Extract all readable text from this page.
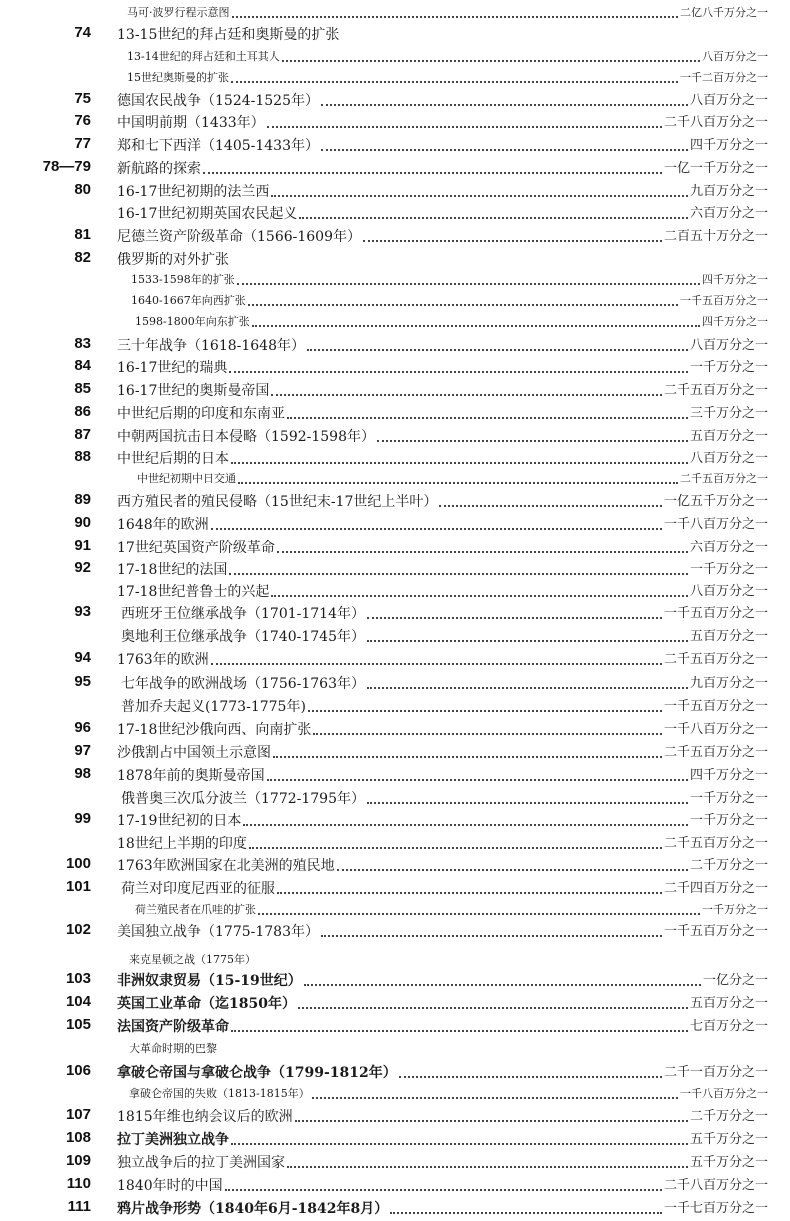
马可·波罗行程示意图	二亿八千万分之一
74 13-15世纪的拜占廷和奥斯曼的扩张
13-14世纪的拜占廷和土耳其人	八百万分之一
15世纪奥斯曼的扩张	一千二百万分之一
75 德国农民战争（1524-1525年）	八百万分之一
76 中国明前期（1433年）	二千八百万分之一
77 郑和七下西洋（1405-1433年）	四千万分之一
78—79 新航路的探索	一亿一千万分之一
80 16-17世纪初期的法兰西	九百万分之一
16-17世纪初期英国农民起义	六百万分之一
81 尼德兰资产阶级革命（1566-1609年）	二百五十万分之一
82 俄罗斯的对外扩张
1533-1598年的扩张	四千万分之一
1640-1667年向西扩张	一千五百万分之一
1598-1800年向东扩张	四千万分之一
83 三十年战争（1618-1648年）	八百万分之一
84 16-17世纪的瑞典	一千万分之一
85 16-17世纪的奥斯曼帝国	二千五百万分之一
86 中世纪后期的印度和东南亚	三千万分之一
87 中朝两国抗击日本侵略（1592-1598年）	五百万分之一
88 中世纪后期的日本	八百万分之一
中世纪初期中日交通	二千五百万分之一
89 西方殖民者的殖民侵略（15世纪末-17世纪上半叶）	一亿五千万分之一
90 1648年的欧洲	一千八百万分之一
91 17世纪英国资产阶级革命	六百万分之一
92 17-18世纪的法国	一千万分之一
17-18世纪普鲁士的兴起	八百万分之一
93 西班牙王位继承战争（1701-1714年）	一千五百万分之一
奥地利王位继承战争（1740-1745年）	五百万分之一
94 1763年的欧洲	二千五百万分之一
95 七年战争的欧洲战场（1756-1763年）	九百万分之一
普加乔夫起义(1773-1775年)	一千五百万分之一
96 17-18世纪沙俄向西、向南扩张	一千八百万分之一
97 沙俄割占中国领土示意图	二千五百万分之一
98 1878年前的奥斯曼帝国	四千万分之一
俄普奥三次瓜分波兰（1772-1795年）	一千万分之一
99 17-19世纪初的日本	一千万分之一
18世纪上半期的印度	二千五百万分之一
100 1763年欧洲国家在北美洲的殖民地	二千万分之一
101 荷兰对印度尼西亚的征服	二千四百万分之一
荷兰殖民者在爪哇的扩张	一千万分之一
102 美国独立战争（1775-1783年）	一千五百万分之一
来克星顿之战（1775年）
103 非洲奴隶贸易（15-19世纪）	一亿分之一
104 英国工业革命（迄1850年）	五百万分之一
105 法国资产阶级革命	七百万分之一
大革命时期的巴黎
106 拿破仑帝国与拿破仑战争（1799-1812年）	二千一百万分之一
拿破仑帝国的失败（1813-1815年）	一千八百万分之一
107 1815年维也纳会议后的欧洲	二千万分之一
108 拉丁美洲独立战争	五千万分之一
109 独立战争后的拉丁美洲国家	五千万分之一
110 1840年时的中国	二千八百万分之一
111 鸦片战争形势（1840年6月-1842年8月）	一千七百万分之一
